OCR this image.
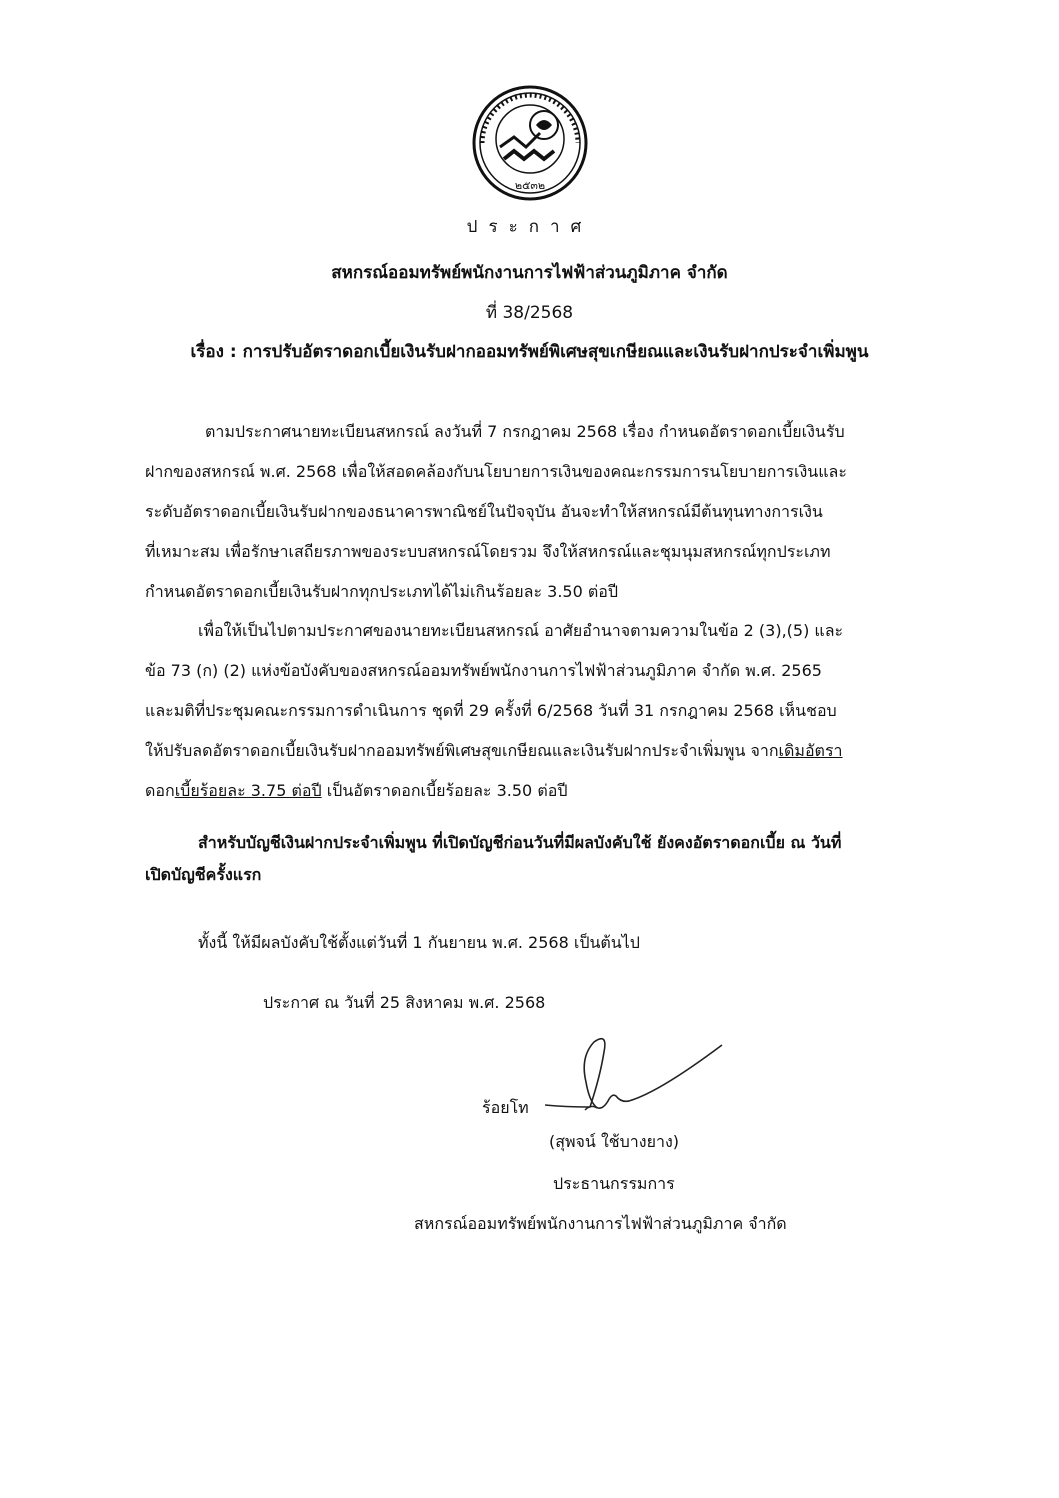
๒๕๓๒
ประกาศ
สหกรณ์ออมทรัพย์พนักงานการไฟฟ้าส่วนภูมิภาค จำกัด
ที่ 38/2568
เรื่อง : การปรับอัตราดอกเบี้ยเงินรับฝากออมทรัพย์พิเศษสุขเกษียณและเงินรับฝากประจำเพิ่มพูน
ตามประกาศนายทะเบียนสหกรณ์ ลงวันที่ 7 กรกฎาคม 2568 เรื่อง กำหนดอัตราดอกเบี้ยเงินรับ
ฝากของสหกรณ์ พ.ศ. 2568 เพื่อให้สอดคล้องกับนโยบายการเงินของคณะกรรมการนโยบายการเงินและ
ระดับอัตราดอกเบี้ยเงินรับฝากของธนาคารพาณิชย์ในปัจจุบัน อันจะทำให้สหกรณ์มีต้นทุนทางการเงิน
ที่เหมาะสม เพื่อรักษาเสถียรภาพของระบบสหกรณ์โดยรวม จึงให้สหกรณ์และชุมนุมสหกรณ์ทุกประเภท
กำหนดอัตราดอกเบี้ยเงินรับฝากทุกประเภทได้ไม่เกินร้อยละ 3.50 ต่อปี
เพื่อให้เป็นไปตามประกาศของนายทะเบียนสหกรณ์ อาศัยอำนาจตามความในข้อ 2 (3),(5) และ
ข้อ 73 (ก) (2) แห่งข้อบังคับของสหกรณ์ออมทรัพย์พนักงานการไฟฟ้าส่วนภูมิภาค จำกัด พ.ศ. 2565
และมติที่ประชุมคณะกรรมการดำเนินการ ชุดที่ 29 ครั้งที่ 6/2568 วันที่ 31 กรกฎาคม 2568 เห็นชอบ
ให้ปรับลดอัตราดอกเบี้ยเงินรับฝากออมทรัพย์พิเศษสุขเกษียณและเงินรับฝากประจำเพิ่มพูน จากเดิมอัตรา
ดอกเบี้ยร้อยละ 3.75 ต่อปี เป็นอัตราดอกเบี้ยร้อยละ 3.50 ต่อปี
สำหรับบัญชีเงินฝากประจำเพิ่มพูน ที่เปิดบัญชีก่อนวันที่มีผลบังคับใช้ ยังคงอัตราดอกเบี้ย ณ วันที่
เปิดบัญชีครั้งแรก
ทั้งนี้ ให้มีผลบังคับใช้ตั้งแต่วันที่ 1 กันยายน พ.ศ. 2568 เป็นต้นไป
ประกาศ ณ วันที่ 25 สิงหาคม พ.ศ. 2568
ร้อยโท
(สุพจน์ ใช้บางยาง)
ประธานกรรมการ
สหกรณ์ออมทรัพย์พนักงานการไฟฟ้าส่วนภูมิภาค จำกัด
